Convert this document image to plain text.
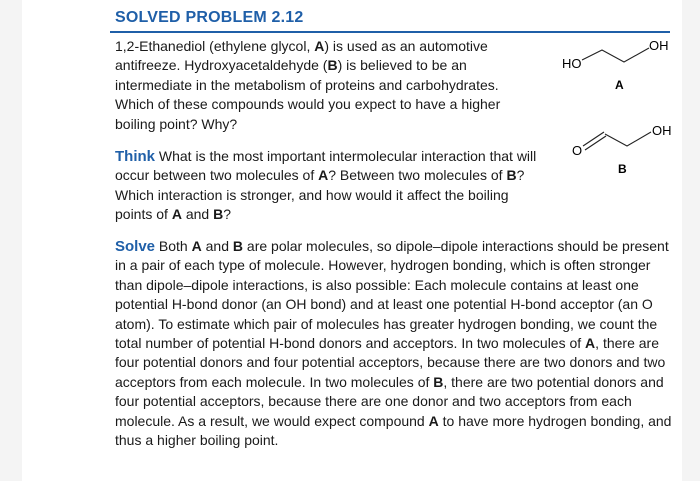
SOLVED PROBLEM 2.12

1,2-Ethanediol (ethylene glycol, A) is used as an automotive antifreeze. Hydroxyacetaldehyde (B) is believed to be an intermediate in the metabolism of proteins and carbohydrates. Which of these compounds would you expect to have a higher boiling point? Why?

Think What is the most important intermolecular interaction that will occur between two molecules of A? Between two molecules of B? Which interaction is stronger, and how would it affect the boiling points of A and B?

Solve Both A and B are polar molecules, so dipole–dipole interactions should be present in a pair of each type of molecule. However, hydrogen bonding, which is often stronger than dipole–dipole interactions, is also possible: Each molecule contains at least one potential H-bond donor (an OH bond) and at least one potential H-bond acceptor (an O atom). To estimate which pair of molecules has greater hydrogen bonding, we count the total number of potential H-bond donors and acceptors. In two molecules of A, there are four potential donors and four potential acceptors, because there are two donors and two acceptors from each molecule. In two molecules of B, there are two potential donors and four potential acceptors, because there are one donor and two acceptors from each molecule. As a result, we would expect compound A to have more hydrogen bonding, and thus a higher boiling point.

HO
OH
A
O
OH
B
